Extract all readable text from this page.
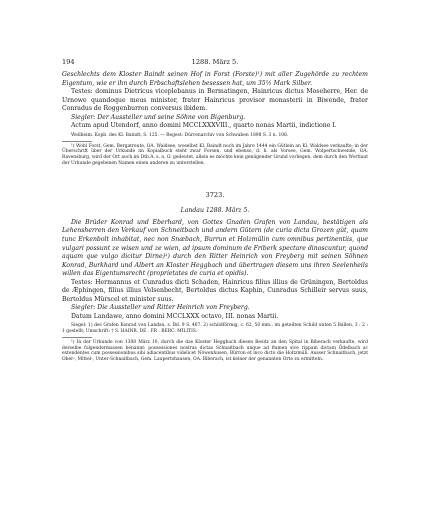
194	1288. März 5.

Geschlechts dem Kloster Baindt seinen Hof in Forst (Forste)¹) mit aller Zugehörde zu rechtem Eigentum, wie er ihn durch Erbschaftslehen besessen hat, um 35½ Mark Silber.

Testes: dominus Dietricus viceplebanus in Bermatingen, Hainricus dictus Moseherre, Her. de Urnowe quandoque meus minister, frater Hainricus provisor monasterii in Biwende, frater Conradus de Roggenburren conversus ibidem.

Siegler: Der Aussteller und seine Söhne von Bigenburg.

Actum apud Utendorf, anno domini MCCLXXXVIII., quarto nonas Martii, indictione I.

Weilheim. Kopb. des Kl. Baindt, S. 125. — Regest: Dürrenarchiv von Schwaben 1898 S. 3 n. 106.

¹) Wohl Forst, Gem. Bergatreute, OA. Waldsee, woselbst Kl. Baindt noch im Jahre 1444 ein Gütlein an Kl. Waldsee verkaufte; in der Überschrift über der Urkunde im Kopialbuch steht zwar Forsen, und ebenso, d. h. als Vorsee, Gem. Wolpertschwende, OA. Ravensburg, wird der Ort auch im Dtb.A. s. a. O. gedeutet, allein es möchte kein genügender Grund vorliegen, dem durch den Wortlaut der Urkunde gegebenen Namen einen anderen zu unterstellen.

3723.

Landau 1288. März 5.

Die Brüder Konrad und Eberhard, von Gottes Gnaden Grafen von Landau, bestätigen als Lehensherren den Verkauf von Schneitbach und andern Gütern (de curia dicta Grozen gût, quam tunc Erkenbolt inhabitat, nec non Snæbach, Burrun et Holzmülin cum omnibus pertinentiis, que vulgari possunt ze wisen und ze wien, ad ipsum dominum de Friberk spectare dinoscuntur, quond aquam que vulgo dicitur Dirne)¹) durch den Ritter Heinrich von Freyberg mit seinen Söhnen Konrad, Burkhard und Albert an Kloster Heggbach und übertragen diesem uns ihren Seelenheils willen das Eigentumsrecht (proprietates de curia et opidis).

Testes: Hermannus et Cunradus dicti Schaden, Hainricus filius illius de Grüningen, Bertoldus de Æphingen, filius illius Velsenbecht, Bertoldus dictus Kaphin, Cunradus Schilleir servus suus, Bertoldus Mürscel et minister suus.

Siegler: Die Aussteller und Ritter Heinrich von Freyberg.

Datum Landawe, anno domini MCCLXXX octavo, III. nonas Martii.

Siegel: 1) des Grafen Konrad von Landau, s. Bd. 9 S. 467. 2) schildförmig, c. 62, 50 mm., im geteilten Schild unten 5 Ballen, 3 : 2 : 1 gestellt; Umschrift: † S. HAINR. DE . FR . BERC. MILITIS.

¹) In der Urkunde von 1308 März 10, durch die das Kloster Heggbach diesen Besitz an den Spital in Biberach verkaufte, wird derselbe folgendermassen benannt: possessiones nostras dictas Schnaitbach unque ad flumen sive rippam dictam Ödelbach ac extendentes cum possessionibus sibi adiacentibus videlicet Nöwenhusen, Bürron et inco dicto die Holtzmüli. Ausser Schnaitbach, jetzt Ober-, Mittel-, Unter-Schnaitbach, Gem. Laupertshausen, OA. Biberach, ist keiner der genannten Orte zu ermitteln.
